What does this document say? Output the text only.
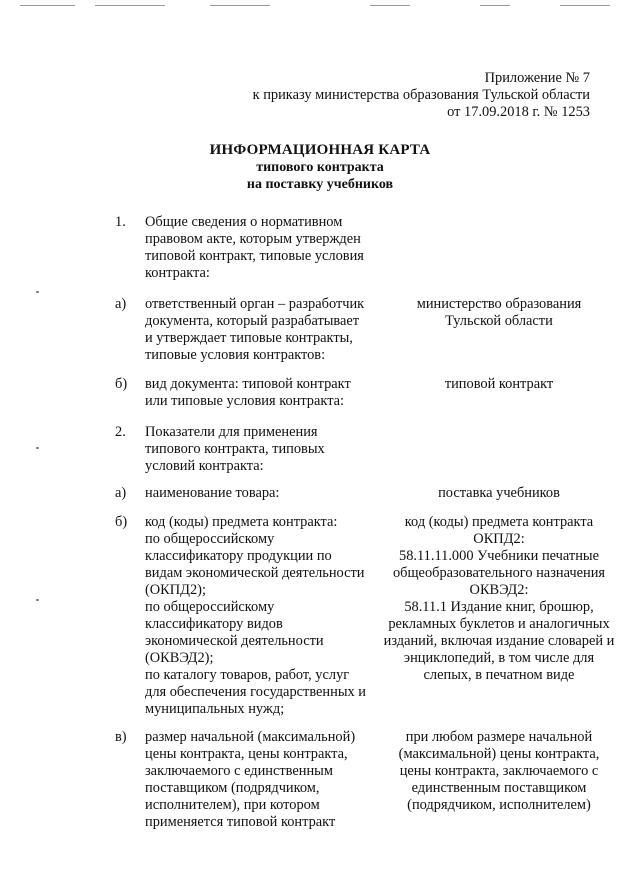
Приложение № 7
к приказу министерства образования Тульской области
от 17.09.2018 г. № 1253
ИНФОРМАЦИОННАЯ КАРТА
типового контракта
на поставку учебников
1. Общие сведения о нормативном
правовом акте, которым утвержден
типовой контракт, типовые условия
контракта:
а) ответственный орган – разработчик
документа, который разрабатывает
и утверждает типовые контракты,
типовые условия контрактов:
министерство образования
Тульской области
б) вид документа: типовой контракт
или типовые условия контракта:
типовой контракт
2. Показатели для применения
типового контракта, типовых
условий контракта:
а) наименование товара:	поставка учебников
б) код (коды) предмета контракта:
по общероссийскому
классификатору продукции по
видам экономической деятельности
(ОКПД2);
по общероссийскому
классификатору видов
экономической деятельности
(ОКВЭД2);
по каталогу товаров, работ, услуг
для обеспечения государственных и
муниципальных нужд;
код (коды) предмета контракта
ОКПД2:
58.11.11.000 Учебники печатные
общеобразовательного назначения
ОКВЭД2:
58.11.1 Издание книг, брошюр,
рекламных буклетов и аналогичных
изданий, включая издание словарей и
энциклопедий, в том числе для
слепых, в печатном виде
в) размер начальной (максимальной)
цены контракта, цены контракта,
заключаемого с единственным
поставщиком (подрядчиком,
исполнителем), при котором
применяется типовой контракт
при любом размере начальной
(максимальной) цены контракта,
цены контракта, заключаемого с
единственным поставщиком
(подрядчиком, исполнителем)
